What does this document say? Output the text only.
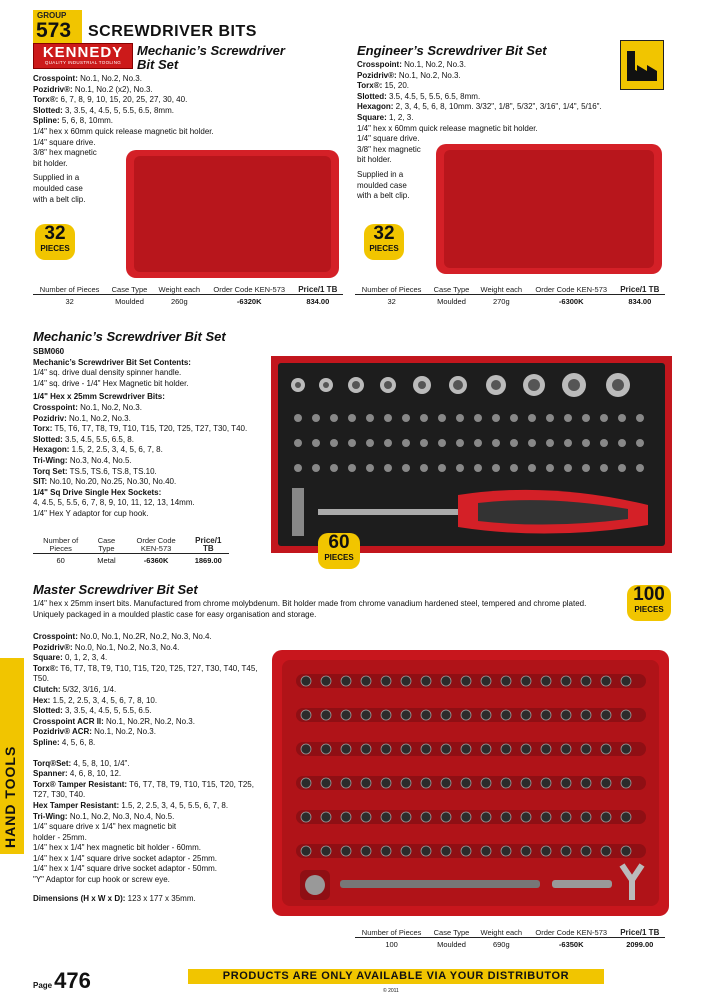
GROUP
573 SCREWDRIVER BITS
KENNEDY
QUALITY INDUSTRIAL TOOLING
Mechanic’s Screwdriver
Bit Set

Crosspoint: No.1, No.2, No.3.

Pozidriv®: No.1, No.2 (x2), No.3.

Torx®: 6, 7, 8, 9, 10, 15, 20, 25, 27, 30, 40.

Slotted: 3, 3.5, 4, 4.5, 5, 5.5, 6.5, 8mm.

Spline: 5, 6, 8, 10mm.

1/4" hex x 60mm quick release magnetic bit holder.

1/4" square drive.

3/8" hex magnetic

bit holder.

Supplied in a

moulded case

with a belt clip.

32
PIECES
Number of Pieces	Case Type	Weight each	Order Code KEN-573	Price/1 TB
32	Moulded	260g	-6320K	834.00
Engineer’s Screwdriver Bit Set

Crosspoint: No.1, No.2, No.3.

Pozidriv®: No.1, No.2, No.3.

Torx®: 15, 20.

Slotted: 3.5, 4.5, 5, 5.5, 6.5, 8mm.

Hexagon: 2, 3, 4, 5, 6, 8, 10mm. 3/32", 1/8", 5/32", 3/16", 1/4", 5/16".

Square: 1, 2, 3.

1/4" hex x 60mm quick release magnetic bit holder.

1/4" square drive.

3/8" hex magnetic

bit holder.

Supplied in a

moulded case

with a belt clip.

32
PIECES
Number of Pieces	Case Type	Weight each	Order Code KEN-573	Price/1 TB
32	Moulded	270g	-6300K	834.00
Mechanic’s Screwdriver Bit Set

SBM060

Mechanic’s Screwdriver Bit Set Contents:

1/4" sq. drive dual density spinner handle.

1/4" sq. drive - 1/4" Hex Magnetic bit holder.

1/4" Hex x 25mm Screwdriver Bits:

Crosspoint: No.1, No.2, No.3.

Pozidriv: No.1, No.2, No.3.

Torx: T5, T6, T7, T8, T9, T10, T15, T20, T25, T27, T30, T40.

Slotted: 3.5, 4.5, 5.5, 6.5, 8.

Hexagon: 1.5, 2, 2.5, 3, 4, 5, 6, 7, 8.

Tri-Wing: No.3, No.4, No.5.

Torq Set: TS.5, TS.6, TS.8, TS.10.

SIT: No.10, No.20, No.25, No.30, No.40.

1/4" Sq Drive Single Hex Sockets:

4, 4.5, 5, 5.5, 6, 7, 8, 9, 10, 11, 12, 13, 14mm.

1/4" Hex Y adaptor for cup hook.

Number of Pieces	Case Type	Order Code KEN-573	Price/1 TB
60	Metal	-6360K	1869.00
60
PIECES
Master Screwdriver Bit Set
1/4" hex x 25mm insert bits. Manufactured from chrome molybdenum. Bit holder made from chrome vanadium hardened steel, tempered and chrome plated. Uniquely packaged in a moulded plastic case for easy organisation and storage.
100
PIECES

Crosspoint: No.0, No.1, No.2R, No.2, No.3, No.4.

Pozidriv®: No.0, No.1, No.2, No.3, No.4.

Square: 0, 1, 2, 3, 4.

Torx®: T6, T7, T8, T9, T10, T15, T20, T25, T27, T30, T40, T45, T50.

Clutch: 5/32, 3/16, 1/4.

Hex: 1.5, 2, 2.5, 3, 4, 5, 6, 7, 8, 10.

Slotted: 3, 3.5, 4, 4.5, 5, 5.5, 6.5.

Crosspoint ACR II: No.1, No.2R, No.2, No.3.

Pozidriv® ACR: No.1, No.2, No.3.

Spline: 4, 5, 6, 8.

Torq®Set: 4, 5, 8, 10, 1/4".

Spanner: 4, 6, 8, 10, 12.

Torx® Tamper Resistant: T6, T7, T8, T9, T10, T15, T20, T25, T27, T30, T40.

Hex Tamper Resistant: 1.5, 2, 2.5, 3, 4, 5, 5.5, 6, 7, 8.

Tri-Wing: No.1, No.2, No.3, No.4, No.5.

1/4" square drive x 1/4" hex magnetic bit

holder - 25mm.

1/4" hex x 1/4" hex magnetic bit holder - 60mm.

1/4" hex x 1/4" square drive socket adaptor - 25mm.

1/4" hex x 1/4" square drive socket adaptor - 50mm.

"Y" Adaptor for cup hook or screw eye.

Dimensions (H x W x D): 123 x 177 x 35mm.

Number of Pieces	Case Type	Weight each	Order Code KEN-573	Price/1 TB
100	Moulded	690g	-6350K	2099.00
HAND TOOLS
Page476	PRODUCTS ARE ONLY AVAILABLE VIA YOUR DISTRIBUTOR
© 2011
